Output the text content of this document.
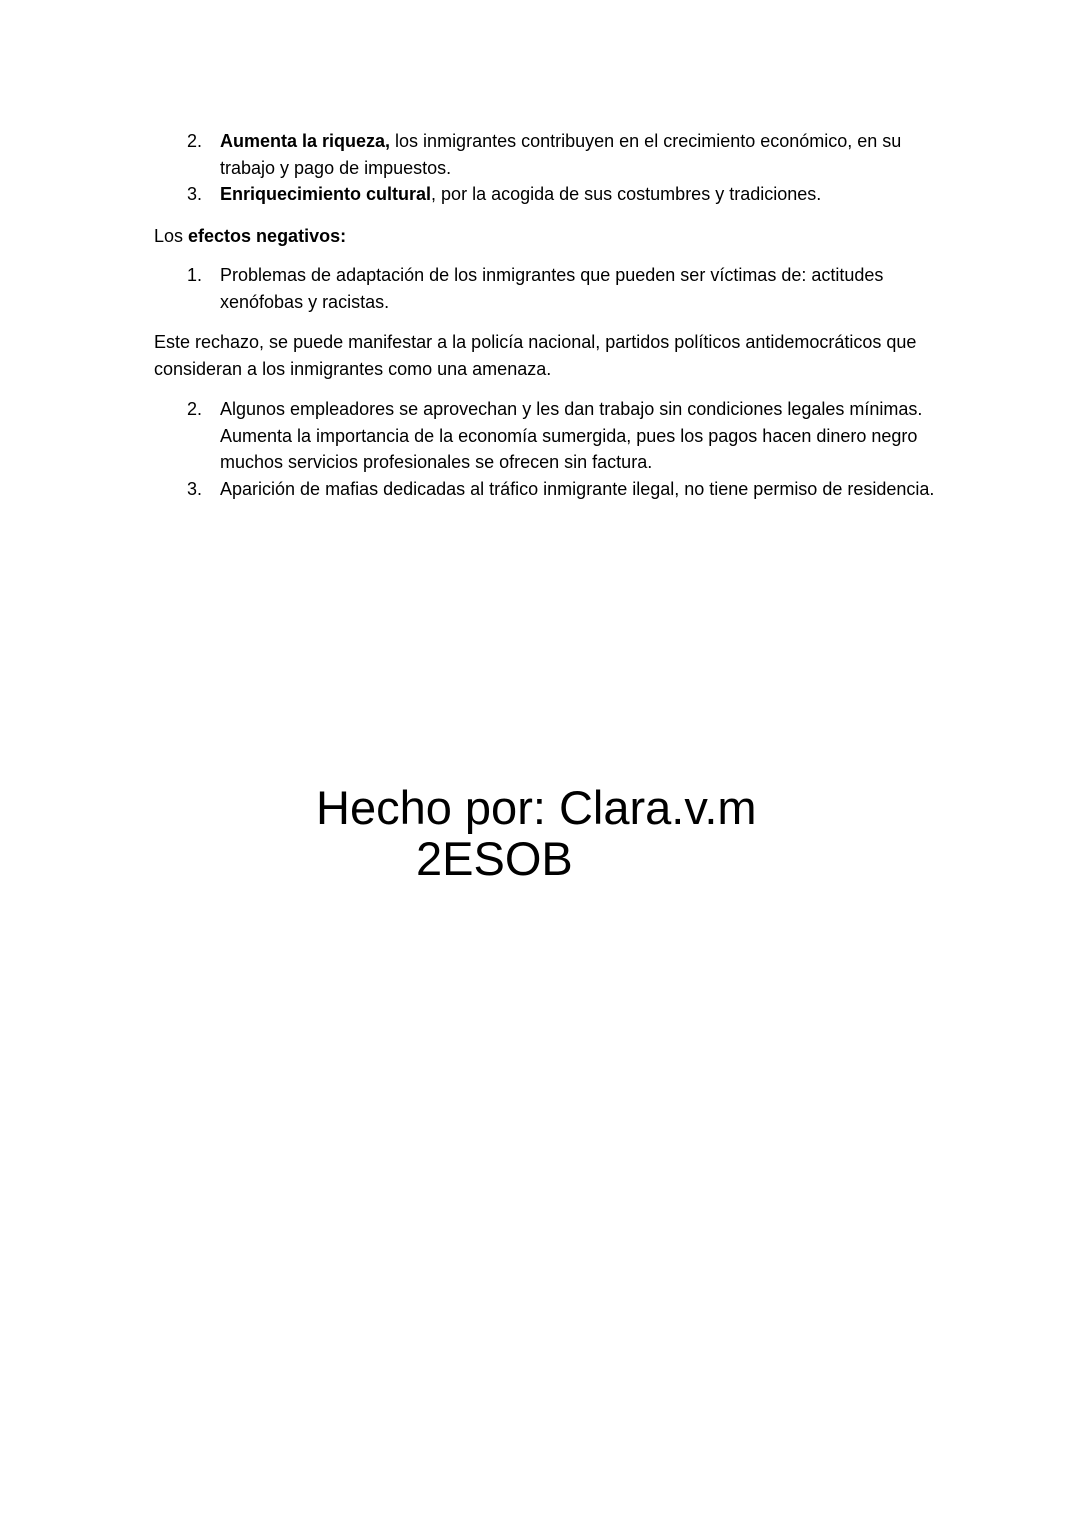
2. Aumenta la riqueza, los inmigrantes contribuyen en el crecimiento económico, en su trabajo y pago de impuestos.
3. Enriquecimiento cultural, por la acogida de sus costumbres y tradiciones.

Los efectos negativos:

1. Problemas de adaptación de los inmigrantes que pueden ser víctimas de: actitudes xenófobas y racistas.

Este rechazo, se puede manifestar a la policía nacional, partidos políticos antidemocráticos que consideran a los inmigrantes como una amenaza.

2. Algunos empleadores se aprovechan y les dan trabajo sin condiciones legales mínimas. Aumenta la importancia de la economía sumergida, pues los pagos hacen dinero negro muchos servicios profesionales se ofrecen sin factura.
3. Aparición de mafias dedicadas al tráfico inmigrante ilegal, no tiene permiso de residencia.
Hecho por: Clara.v.m
2ESOB
